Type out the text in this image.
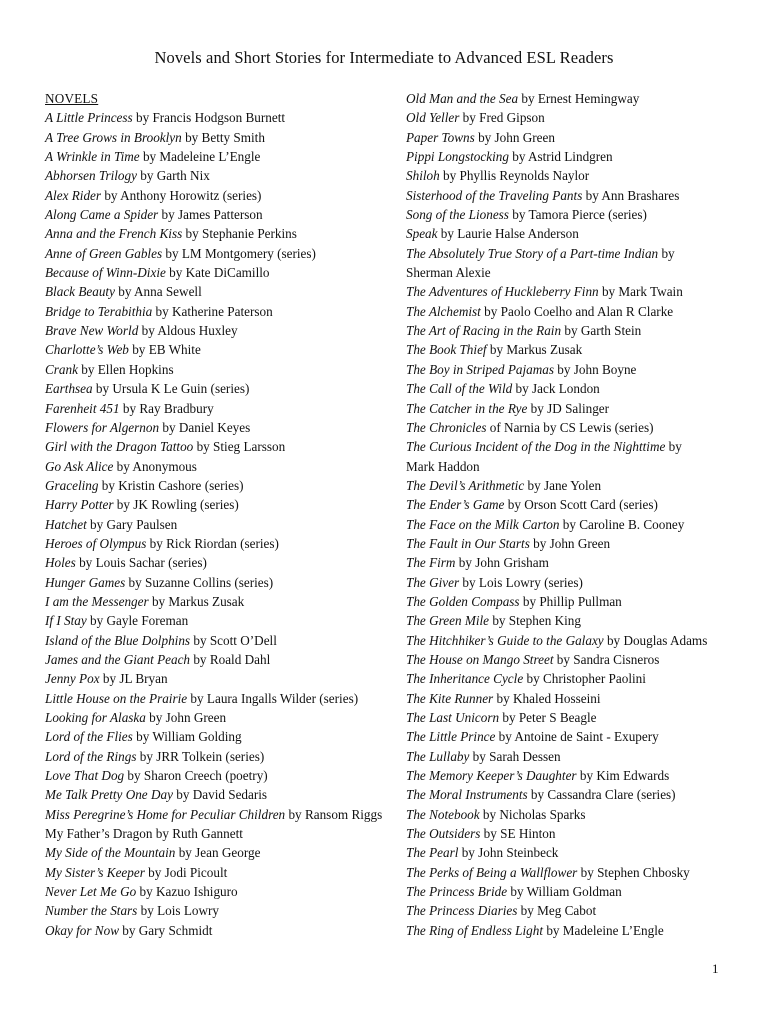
Novels and Short Stories for Intermediate to Advanced ESL Readers
NOVELS
A Little Princess by Francis Hodgson Burnett
A Tree Grows in Brooklyn by Betty Smith
A Wrinkle in Time by Madeleine L’Engle
Abhorsen Trilogy by Garth Nix
Alex Rider by Anthony Horowitz (series)
Along Came a Spider by James Patterson
Anna and the French Kiss by Stephanie Perkins
Anne of Green Gables by LM Montgomery (series)
Because of Winn-Dixie by Kate DiCamillo
Black Beauty by Anna Sewell
Bridge to Terabithia by Katherine Paterson
Brave New World by Aldous Huxley
Charlotte’s Web by EB White
Crank by Ellen Hopkins
Earthsea by Ursula K Le Guin (series)
Farenheit 451 by Ray Bradbury
Flowers for Algernon by Daniel Keyes
Girl with the Dragon Tattoo by Stieg Larsson
Go Ask Alice by Anonymous
Graceling by Kristin Cashore (series)
Harry Potter by JK Rowling (series)
Hatchet by Gary Paulsen
Heroes of Olympus by Rick Riordan (series)
Holes by Louis Sachar (series)
Hunger Games by Suzanne Collins (series)
I am the Messenger by Markus Zusak
If I Stay by Gayle Foreman
Island of the Blue Dolphins by Scott O’Dell
James and the Giant Peach by Roald Dahl
Jenny Pox by JL Bryan
Little House on the Prairie by Laura Ingalls Wilder (series)
Looking for Alaska by John Green
Lord of the Flies by William Golding
Lord of the Rings by JRR Tolkein (series)
Love That Dog by Sharon Creech (poetry)
Me Talk Pretty One Day by David Sedaris
Miss Peregrine’s Home for Peculiar Children by Ransom Riggs
My Father’s Dragon by Ruth Gannett
My Side of the Mountain by Jean George
My Sister’s Keeper by Jodi Picoult
Never Let Me Go by Kazuo Ishiguro
Number the Stars by Lois Lowry
Okay for Now by Gary Schmidt
Old Man and the Sea by Ernest Hemingway
Old Yeller by Fred Gipson
Paper Towns by John Green
Pippi Longstocking by Astrid Lindgren
Shiloh by Phyllis Reynolds Naylor
Sisterhood of the Traveling Pants by Ann Brashares
Song of the Lioness by Tamora Pierce (series)
Speak by Laurie Halse Anderson
The Absolutely True Story of a Part-time Indian by
Sherman Alexie
The Adventures of Huckleberry Finn by Mark Twain
The Alchemist by Paolo Coelho and Alan R Clarke
The Art of Racing in the Rain by Garth Stein
The Book Thief by Markus Zusak
The Boy in Striped Pajamas by John Boyne
The Call of the Wild by Jack London
The Catcher in the Rye by JD Salinger
The Chronicles of Narnia by CS Lewis (series)
The Curious Incident of the Dog in the Nighttime by
Mark Haddon
The Devil’s Arithmetic by Jane Yolen
The Ender’s Game by Orson Scott Card (series)
The Face on the Milk Carton by Caroline B. Cooney
The Fault in Our Starts by John Green
The Firm by John Grisham
The Giver by Lois Lowry (series)
The Golden Compass by Phillip Pullman
The Green Mile by Stephen King
The Hitchhiker’s Guide to the Galaxy by Douglas Adams
The House on Mango Street by Sandra Cisneros
The Inheritance Cycle by Christopher Paolini
The Kite Runner by Khaled Hosseini
The Last Unicorn by Peter S Beagle
The Little Prince by Antoine de Saint - Exupery
The Lullaby by Sarah Dessen
The Memory Keeper’s Daughter by Kim Edwards
The Moral Instruments by Cassandra Clare (series)
The Notebook by Nicholas Sparks
The Outsiders by SE Hinton
The Pearl by John Steinbeck
The Perks of Being a Wallflower by Stephen Chbosky
The Princess Bride by William Goldman
The Princess Diaries by Meg Cabot
The Ring of Endless Light by Madeleine L’Engle
1
